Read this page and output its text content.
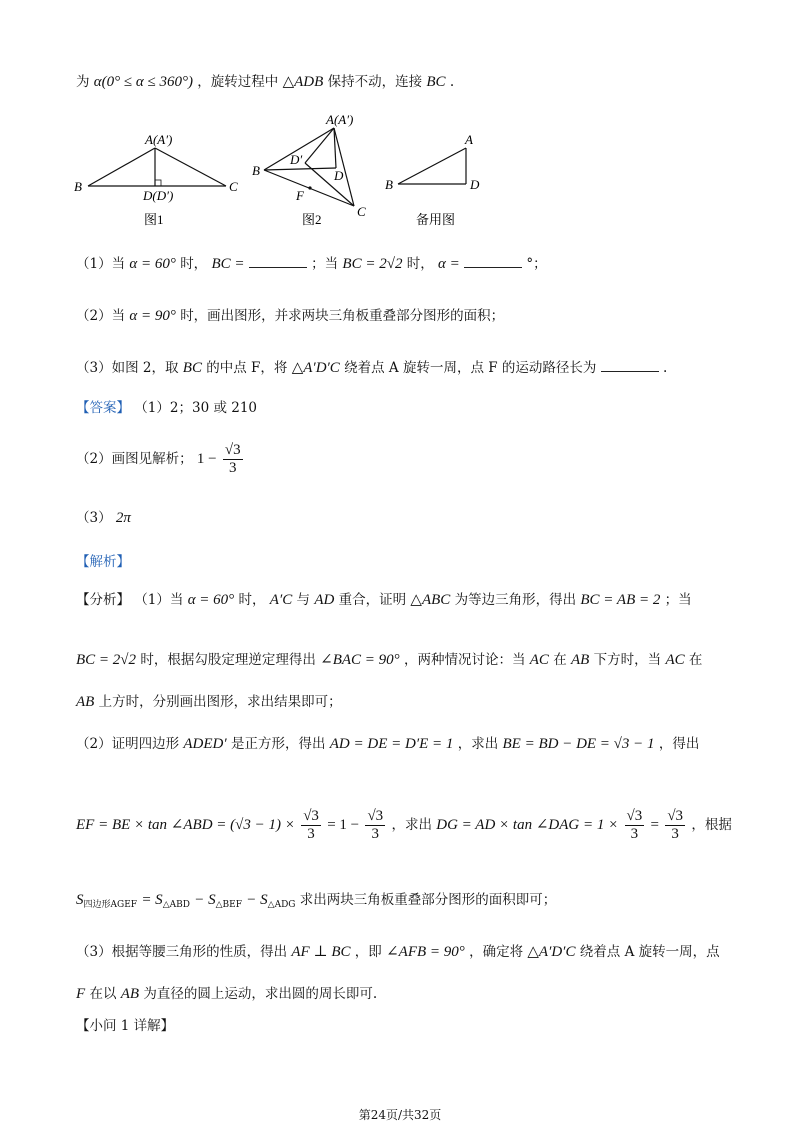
为 α(0° ≤ α ≤ 360°) ，旋转过程中 △ADB 保持不动，连接 BC .
A(A′)
B	C
D(D′)
图1
A(A′)
B
D′
D
F
C
图2
A
B	D
备用图
（1）当 α = 60° 时， BC =	；当 BC = 2√2 时， α =	°；
（2）当 α = 90° 时，画出图形，并求两块三角板重叠部分图形的面积；
（3）如图 2，取 BC 的中点 F，将 △A′D′C 绕着点 A 旋转一周，点 F 的运动路径长为	.
【答案】 （1）2；30 或 210
（2）画图见解析； $1 - \frac{√3}{3}$
（3） 2π
【解析】
【分析】 （1）当 α = 60° 时， A′C 与 AD 重合，证明 △ABC 为等边三角形，得出 BC = AB = 2 ；当
BC = 2√2 时，根据勾股定理逆定理得出 ∠BAC = 90° ，两种情况讨论：当 AC 在 AB 下方时，当 AC 在
AB 上方时，分别画出图形，求出结果即可；
（2）证明四边形 ADED′ 是正方形，得出 AD = DE = D′E = 1 ，求出 BE = BD − DE = √3 − 1 ，得出
EF = BE × tan ∠ABD = $(√3 - 1) \times \frac{√3}{3} = 1 - \frac{√3}{3}$ ，求出 DG = AD × tan ∠DAG = $1 \times \frac{√3}{3} = \frac{√3}{3}$ ，根据
$S_{四边形AGEF} = S_{\triangle ABD} - S_{\triangle BEF} - S_{\triangle ADG}$ 求出两块三角板重叠部分图形的面积即可；
（3）根据等腰三角形的性质，得出 AF ⊥ BC ，即 ∠AFB = 90° ，确定将 △A′D′C 绕着点 A 旋转一周，点
F 在以 AB 为直径的圆上运动，求出圆的周长即可.
【小问 1 详解】
第24页/共32页
